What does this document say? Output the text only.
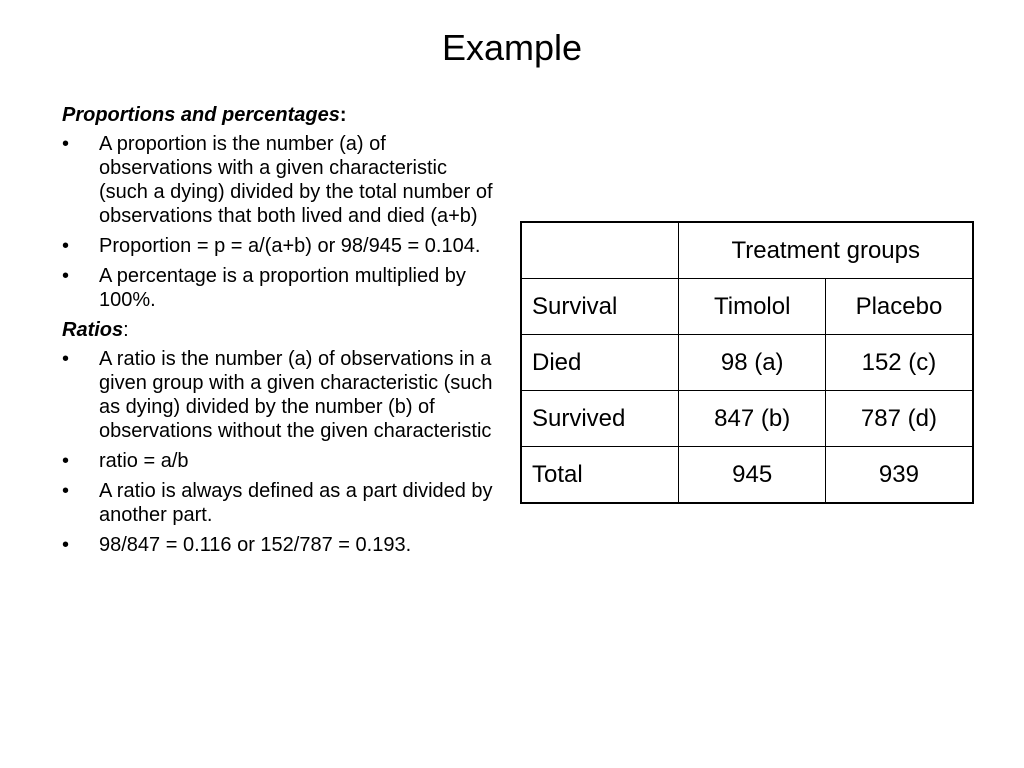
Example
Proportions and percentages:
• A proportion is the number (a) of observations with a given characteristic (such a dying) divided by the total number of observations that both lived and died (a+b)
• Proportion = p = a/(a+b) or 98/945 = 0.104.
• A percentage is a proportion multiplied by 100%.
Ratios:
• A ratio is the number (a) of observations in a given group with a given characteristic (such as dying) divided by the number (b) of observations without the given characteristic
• ratio = a/b
• A ratio is always defined as a part divided by another part.
• 98/847 = 0.116 or 152/787 = 0.193.
	Treatment groups	
Survival	Timolol	Placebo
Died	98 (a)	152 (c)
Survived	847 (b)	787 (d)
Total	945	939
